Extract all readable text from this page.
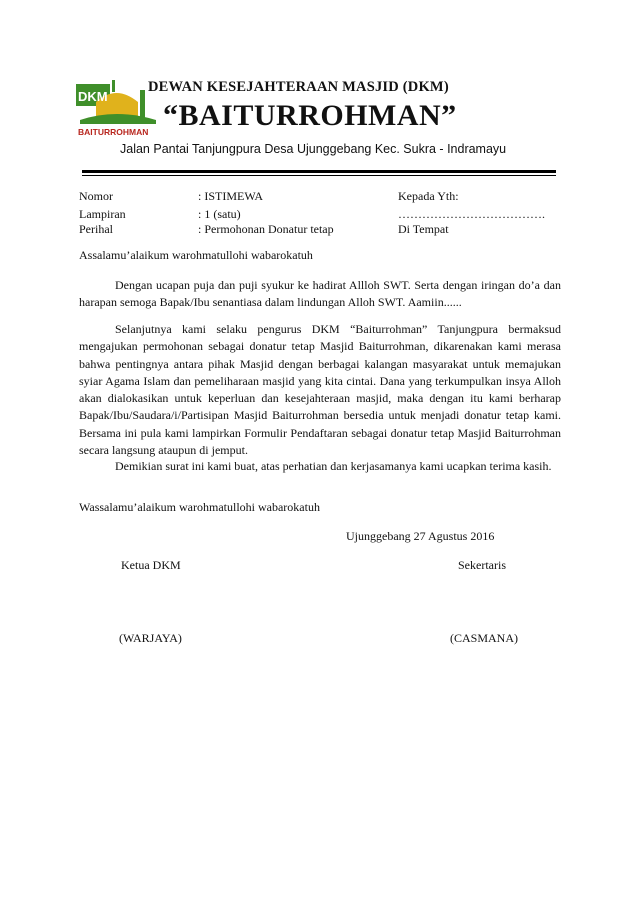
DKM
BAITURROHMAN
DEWAN KESEJAHTERAAN MASJID (DKM)
“BAITURROHMAN”
Jalan Pantai Tanjungpura Desa Ujunggebang Kec. Sukra - Indramayu
Nomor	: ISTIMEWA	Kepada Yth:
Lampiran	: 1 (satu)	……………………………….
Perihal	: Permohonan Donatur tetap	Di Tempat
Assalamu’alaikum warohmatullohi wabarokatuh

Dengan ucapan puja dan puji syukur ke hadirat Allloh SWT. Serta dengan iringan do’a dan harapan semoga Bapak/Ibu senantiasa dalam lindungan Alloh SWT. Aamiin......

Selanjutnya kami selaku pengurus DKM “Baiturrohman” Tanjungpura bermaksud mengajukan permohonan sebagai donatur tetap Masjid Baiturrohman, dikarenakan kami merasa bahwa pentingnya antara pihak Masjid dengan berbagai kalangan masyarakat untuk memajukan syiar Agama Islam dan pemeliharaan masjid yang kita cintai. Dana yang terkumpulkan insya Alloh akan dialokasikan untuk keperluan dan kesejahteraan masjid, maka dengan itu kami berharap Bapak/Ibu/Saudara/i/Partisipan Masjid Baiturrohman bersedia untuk menjadi donatur tetap kami. Bersama ini pula kami lampirkan Formulir Pendaftaran sebagai donatur tetap Masjid Baiturrohman secara langsung ataupun di jemput.

Demikian surat ini kami buat, atas perhatian dan kerjasamanya kami ucapkan terima kasih.

Wassalamu’alaikum warohmatullohi wabarokatuh
Ujunggebang 27 Agustus 2016
Ketua DKM	Sekertaris
(WARJAYA)	(CASMANA)
